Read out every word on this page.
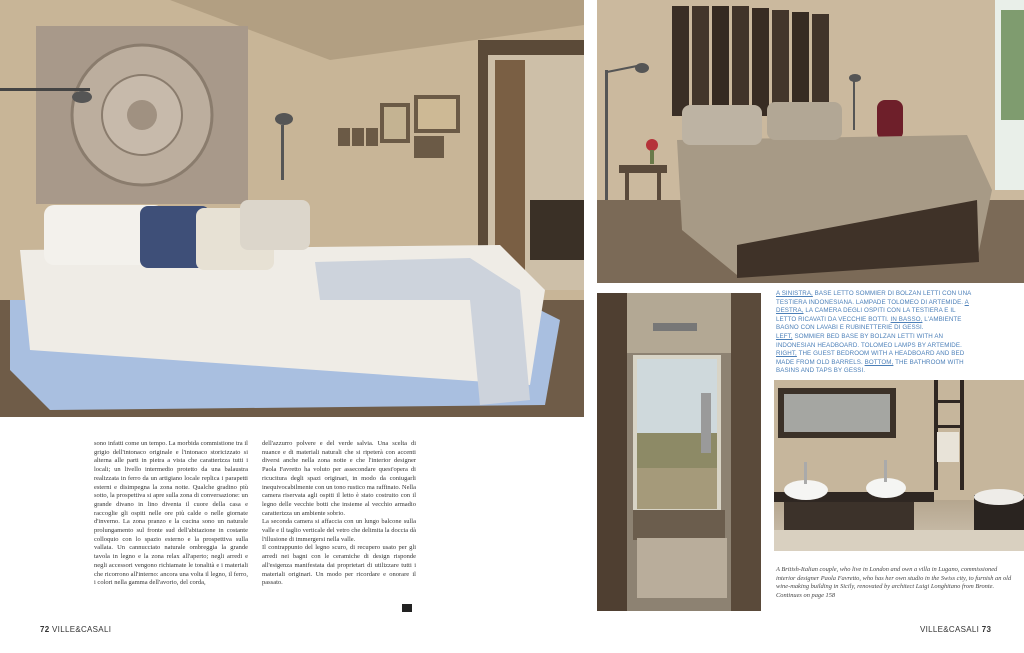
sono infatti come un tempo. La morbida commistione tra il grigio dell'intonaco originale e l'intonaco storicizzato si alterna alle parti in pietra a vista che caratterizza tutti i locali; un livello intermedio protetto da una balaustra realizzata in ferro da un artigiano locale replica i parapetti esterni e disimpegna la zona notte. Qualche gradino più sotto, la prospettiva si apre sulla zona di conversazione: un grande divano in lino diventa il cuore della casa e raccoglie gli ospiti nelle ore più calde o nelle giornate d'inverno. La zona pranzo e la cucina sono un naturale prolungamento sul fronte sud dell'abitazione in costante colloquio con lo spazio esterno e la prospettiva sulla vallata. Un cannucciato naturale ombreggia la grande tavola in legno e la zona relax all'aperto; negli arredi e negli accessori vengono richiamate le tonalità e i materiali che ricorrono all'interno: ancora una volta il legno, il ferro, i colori nella gamma dell'avorio, del corda,

dell'azzurro polvere e del verde salvia. Una scelta di nuance e di materiali naturali che si ripeterà con accenti diversi anche nella zona notte e che l'interior designer Paola Favretto ha voluto per assecondare quest'opera di ricucitura degli spazi originari, in modo da coniugarli inequivocabilmente con un tono rustico ma raffinato. Nella camera riservata agli ospiti il letto è stato costruito con il legno delle vecchie botti che insieme al vecchio armadio caratterizza un ambiente sobrio.

La seconda camera si affaccia con un lungo balcone sulla valle e il taglio verticale del vetro che delimita la doccia dà l'illusione di immergersi nella valle.

Il contrappunto del legno scuro, di recupero usato per gli arredi nei bagni con le ceramiche di design risponde all'esigenza manifestata dai proprietari di utilizzare tutti i materiali originari. Un modo per ricordare e onorare il passato.

A SINISTRA, BASE LETTO SOMMIER DI BOLZAN LETTI CON UNA TESTIERA INDONESIANA. LAMPADE TOLOMEO DI ARTEMIDE. A DESTRA, LA CAMERA DEGLI OSPITI CON LA TESTIERA E IL LETTO RICAVATI DA VECCHIE BOTTI. IN BASSO, L'AMBIENTE BAGNO CON LAVABI E RUBINETTERIE DI GESSI.
LEFT, SOMMIER BED BASE BY BOLZAN LETTI WITH AN INDONESIAN HEADBOARD. TOLOMEO LAMPS BY ARTEMIDE. RIGHT, THE GUEST BEDROOM WITH A HEADBOARD AND BED MADE FROM OLD BARRELS. BOTTOM, THE BATHROOM WITH BASINS AND TAPS BY GESSI.
A British-Italian couple, who live in London and own a villa in Lugano, commissioned interior designer Paola Favretto, who has her own studio in the Swiss city, to furnish an old wine-making building in Sicily, renovated by architect Luigi Longhitano from Bronte.
Continues on page 158
72 VILLE&CASALI	VILLE&CASALI 73
